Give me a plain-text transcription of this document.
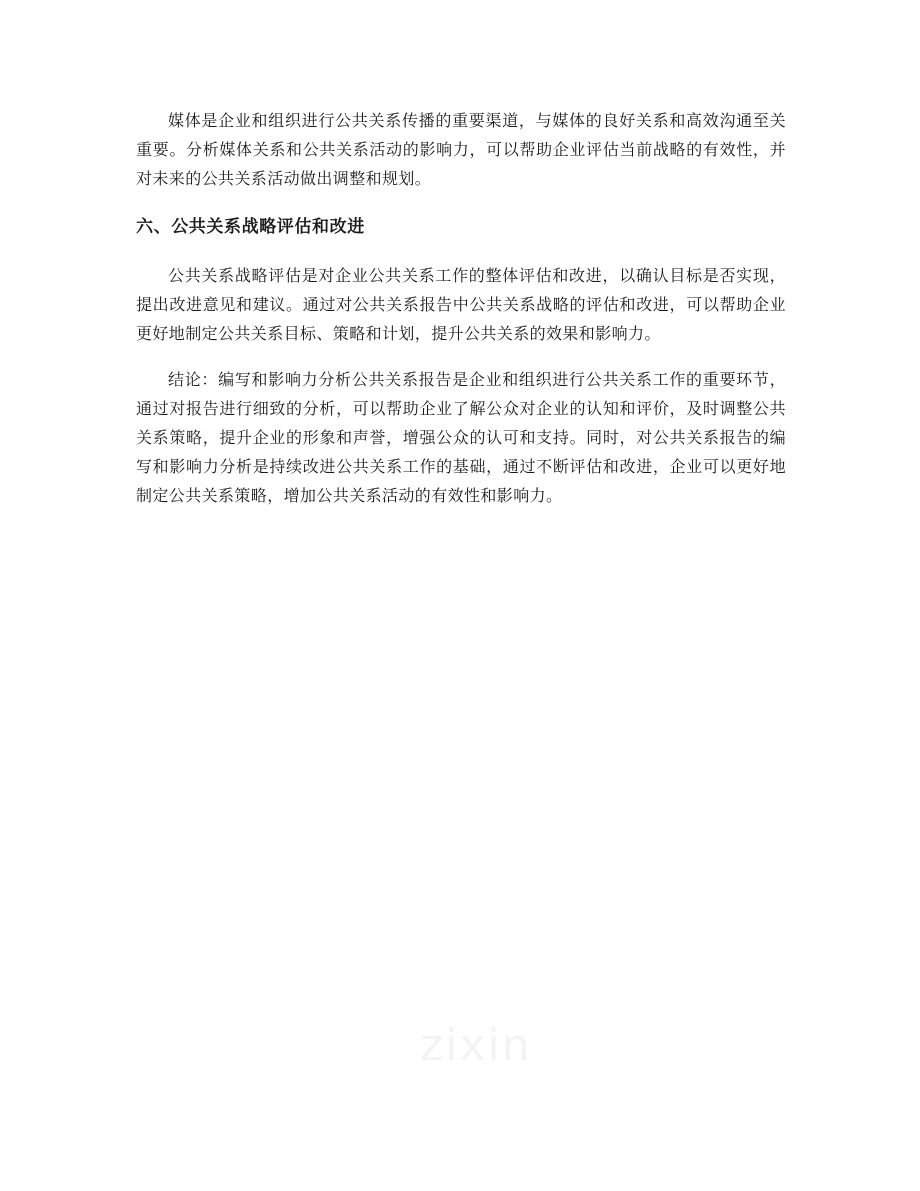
媒体是企业和组织进行公共关系传播的重要渠道，与媒体的良好关系和高效沟通至关重要。分析媒体关系和公共关系活动的影响力，可以帮助企业评估当前战略的有效性，并对未来的公共关系活动做出调整和规划。

六、公共关系战略评估和改进

公共关系战略评估是对企业公共关系工作的整体评估和改进，以确认目标是否实现，提出改进意见和建议。通过对公共关系报告中公共关系战略的评估和改进，可以帮助企业更好地制定公共关系目标、策略和计划，提升公共关系的效果和影响力。

结论：编写和影响力分析公共关系报告是企业和组织进行公共关系工作的重要环节，通过对报告进行细致的分析，可以帮助企业了解公众对企业的认知和评价，及时调整公共关系策略，提升企业的形象和声誉，增强公众的认可和支持。同时，对公共关系报告的编写和影响力分析是持续改进公共关系工作的基础，通过不断评估和改进，企业可以更好地制定公共关系策略，增加公共关系活动的有效性和影响力。

zixin
